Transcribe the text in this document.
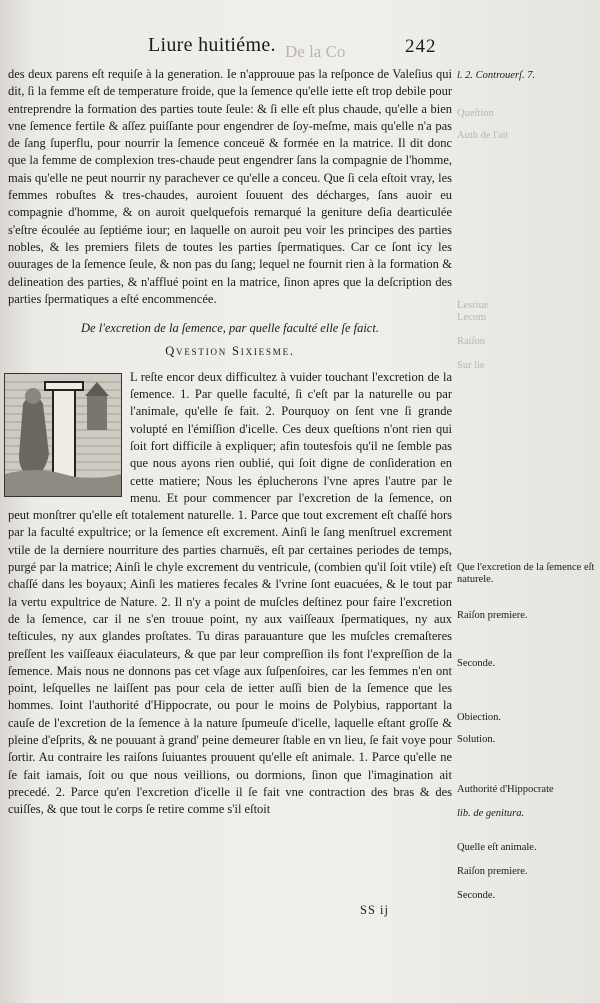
De la Co
Liure huitiéme.	242

des deux parens eſt requiſe à la generation. Ie n'approuue pas la reſponce de Valeſius qui dit, ſi la femme eſt de temperature froide, que la ſemence qu'elle iette eſt trop debile pour entreprendre la formation des parties toute ſeule: & ſi elle eſt plus chaude, qu'elle a bien vne ſemence fertile & aſſez puiſſante pour engendrer de ſoy-meſme, mais qu'elle n'a pas de ſang ſuperflu, pour nourrir la ſemence conceuë & formée en la matrice. Il dit donc que la femme de complexion tres-chaude peut engendrer ſans la compagnie de l'homme, mais qu'elle ne peut nourrir ny parachever ce qu'elle a conceu. Que ſi cela eſtoit vray, les femmes robuſtes & tres-chaudes, auroient ſouuent des décharges, ſans auoir eu compagnie d'homme, & on auroit quelquefois remarqué la geniture deſia dearticulée s'eſtre écoulée au ſeptiéme iour; en laquelle on auroit peu voir les principes des parties nobles, & les premiers filets de toutes les parties ſpermatiques. Car ce ſont icy les ouurages de la ſemence ſeule, & non pas du ſang; lequel ne fournit rien à la formation & delineation des parties, & n'afflué point en la matrice, ſinon apres que la deſcription des parties ſpermatiques a eſté encommencée.

De l'excretion de la ſemence, par quelle faculté elle ſe faict.
Qvestion Sixiesme.

L reſte encor deux difficultez à vuider touchant l'excretion de la ſemence. 1. Par quelle faculté, ſi c'eſt par la naturelle ou par l'animale, qu'elle ſe fait. 2. Pourquoy on ſent vne ſi grande volupté en l'émiſſion d'icelle. Ces deux queſtions n'ont rien qui ſoit fort difficile à expliquer; afin toutesfois qu'il ne ſemble pas que nous ayons rien oublié, qui ſoit digne de conſideration en cette matiere; Nous les éplucherons l'vne apres l'autre par le menu. Et pour commencer par l'excretion de la ſemence, on peut monſtrer qu'elle eſt totalement naturelle. 1. Parce que tout excrement eſt chaſſé hors par la faculté expultrice; or la ſemence eſt excrement. Ainſi le ſang menſtruel excrement vtile de la derniere nourriture des parties charnuës, eſt par certaines periodes de temps, purgé par la matrice; Ainſi le chyle excrement du ventricule, (combien qu'il ſoit vtile) eſt chaſſé dans les boyaux; Ainſi les matieres fecales & l'vrine ſont euacuées, & le tout par la vertu expultrice de Nature. 2. Il n'y a point de muſcles deſtinez pour faire l'excretion de la ſemence, car il ne s'en trouue point, ny aux vaiſſeaux ſpermatiques, ny aux teſticules, ny aux glandes proſtates. Tu diras parauanture que les muſcles cremaſteres preſſent les vaiſſeaux éiaculateurs, & que par leur compreſſion ils font l'expreſſion de la ſemence. Mais nous ne donnons pas cet vſage aux ſuſpenſoires, car les femmes n'en ont point, leſquelles ne laiſſent pas pour cela de ietter auſſi bien de la ſemence que les hommes. Ioint l'authorité d'Hippocrate, ou pour le moins de Polybius, rapportant la cauſe de l'excretion de la ſemence à la nature ſpumeuſe d'icelle, laquelle eſtant groſſe & pleine d'eſprits, & ne pouuant à grand' peine demeurer ſtable en vn lieu, ſe fait voye pour ſortir. Au contraire les raiſons ſuiuantes prouuent qu'elle eſt animale. 1. Parce qu'elle ne ſe fait iamais, ſoit ou que nous veillions, ou dormions, ſinon que l'imagination ait precedé. 2. Parce qu'en l'excretion d'icelle il ſe fait vne contraction des bras & des cuiſſes, & que tout le corps ſe retire comme s'il eſtoit

l. 2. Controuerſ. 7.
Queſtion
Auth de l'ait
Lesriue
Lecom
Raiſon
Sur lie
Que l'excretion de la ſemence eſt naturele.
Raiſon premiere.
Seconde.
Obiection.
Solution.
Authorité d'Hippocrate
lib. de genitura.
Quelle eſt animale.
Raiſon premiere.
Seconde.
SS ij
